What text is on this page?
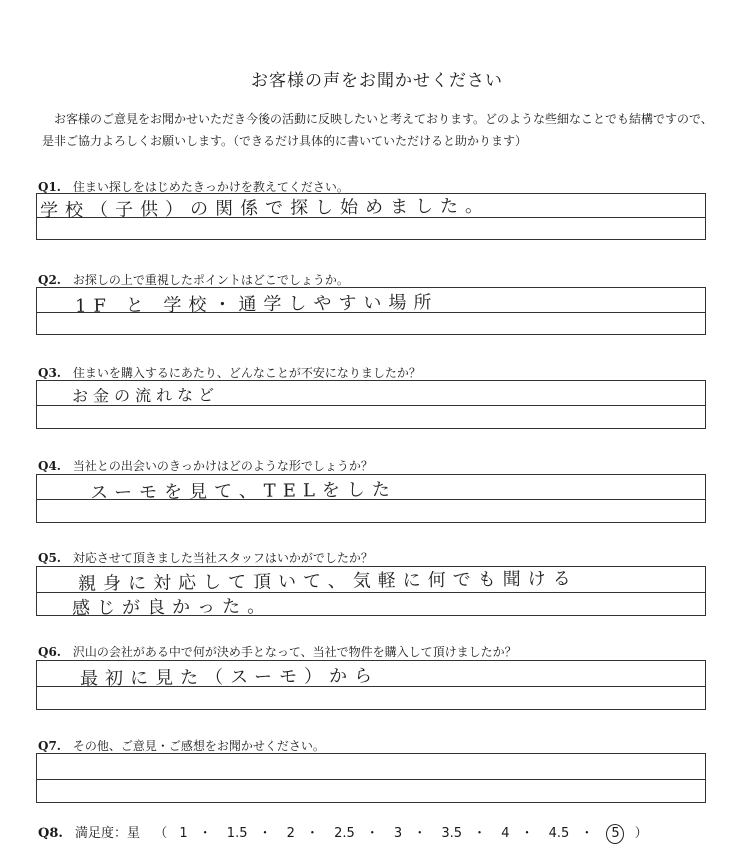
お客様の声をお聞かせください
お客様のご意見をお聞かせいただき今後の活動に反映したいと考えております。どのような些細なことでも結構ですので、是非ご協力よろしくお願いします。（できるだけ具体的に書いていただけると助かります）
Q1. 住まい探しをはじめたきっかけを教えてください。
学校（子供）の関係で探し始めました。
Q2. お探しの上で重視したポイントはどこでしょうか。
1F と 学校・通学しやすい場所
Q3. 住まいを購入するにあたり、どんなことが不安になりましたか？
お金の流れなど
Q4. 当社との出会いのきっかけはどのような形でしょうか？
スーモを見て、TELをした
Q5. 対応させて頂きました当社スタッフはいかがでしたか？
親身に対応して頂いて、気軽に何でも聞ける
感じが良かった。
Q6. 沢山の会社がある中で何が決め手となって、当社で物件を購入して頂けましたか？
最初に見た（スーモ）から
Q7. その他、ご意見・ご感想をお聞かせください。
Q8. 満足度：星 （ 1 ・ 1.5 ・ 2 ・ 2.5 ・ 3 ・ 3.5 ・ 4 ・ 4.5 ・ 5 ）
